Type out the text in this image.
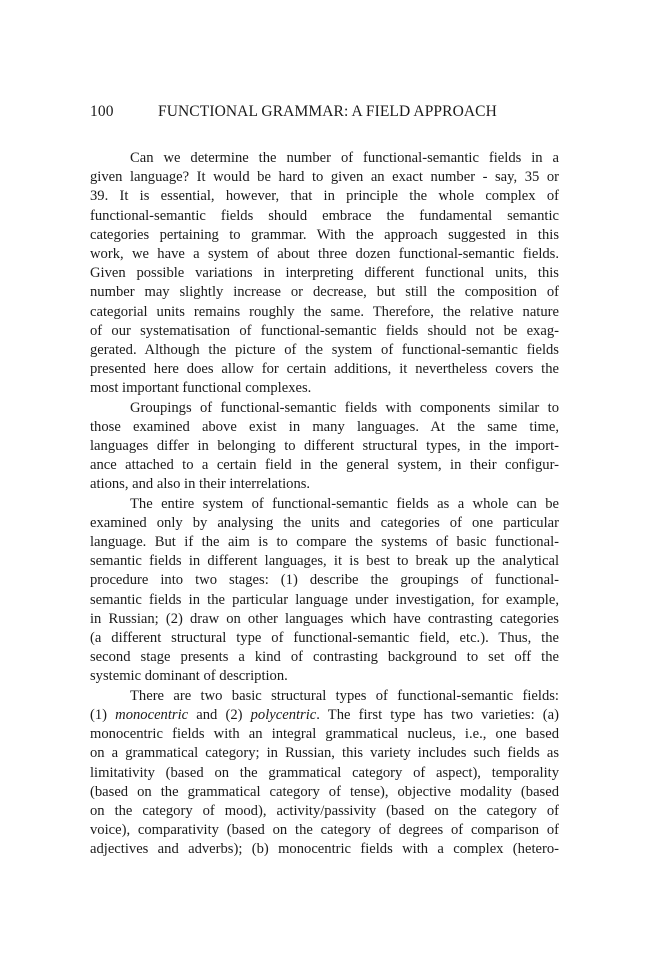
100	FUNCTIONAL GRAMMAR: A FIELD APPROACH

Can we determine the number of functional-semantic fields in a
given language? It would be hard to given an exact number - say, 35 or
39. It is essential, however, that in principle the whole complex of
functional-semantic fields should embrace the fundamental semantic
categories pertaining to grammar. With the approach suggested in this
work, we have a system of about three dozen functional-semantic fields.
Given possible variations in interpreting different functional units, this
number may slightly increase or decrease, but still the composition of
categorial units remains roughly the same. Therefore, the relative nature
of our systematisation of functional-semantic fields should not be exag-
gerated. Although the picture of the system of functional-semantic fields
presented here does allow for certain additions, it nevertheless covers the
most important functional complexes.

Groupings of functional-semantic fields with components similar to
those examined above exist in many languages. At the same time,
languages differ in belonging to different structural types, in the import-
ance attached to a certain field in the general system, in their configur-
ations, and also in their interrelations.

The entire system of functional-semantic fields as a whole can be
examined only by analysing the units and categories of one particular
language. But if the aim is to compare the systems of basic functional-
semantic fields in different languages, it is best to break up the analytical
procedure into two stages: (1) describe the groupings of functional-
semantic fields in the particular language under investigation, for example,
in Russian; (2) draw on other languages which have contrasting categories
(a different structural type of functional-semantic field, etc.). Thus, the
second stage presents a kind of contrasting background to set off the
systemic dominant of description.

There are two basic structural types of functional-semantic fields:
(1) monocentric and (2) polycentric. The first type has two varieties: (a)
monocentric fields with an integral grammatical nucleus, i.e., one based
on a grammatical category; in Russian, this variety includes such fields as
limitativity (based on the grammatical category of aspect), temporality
(based on the grammatical category of tense), objective modality (based
on the category of mood), activity/passivity (based on the category of
voice), comparativity (based on the category of degrees of comparison of
adjectives and adverbs); (b) monocentric fields with a complex (hetero-
